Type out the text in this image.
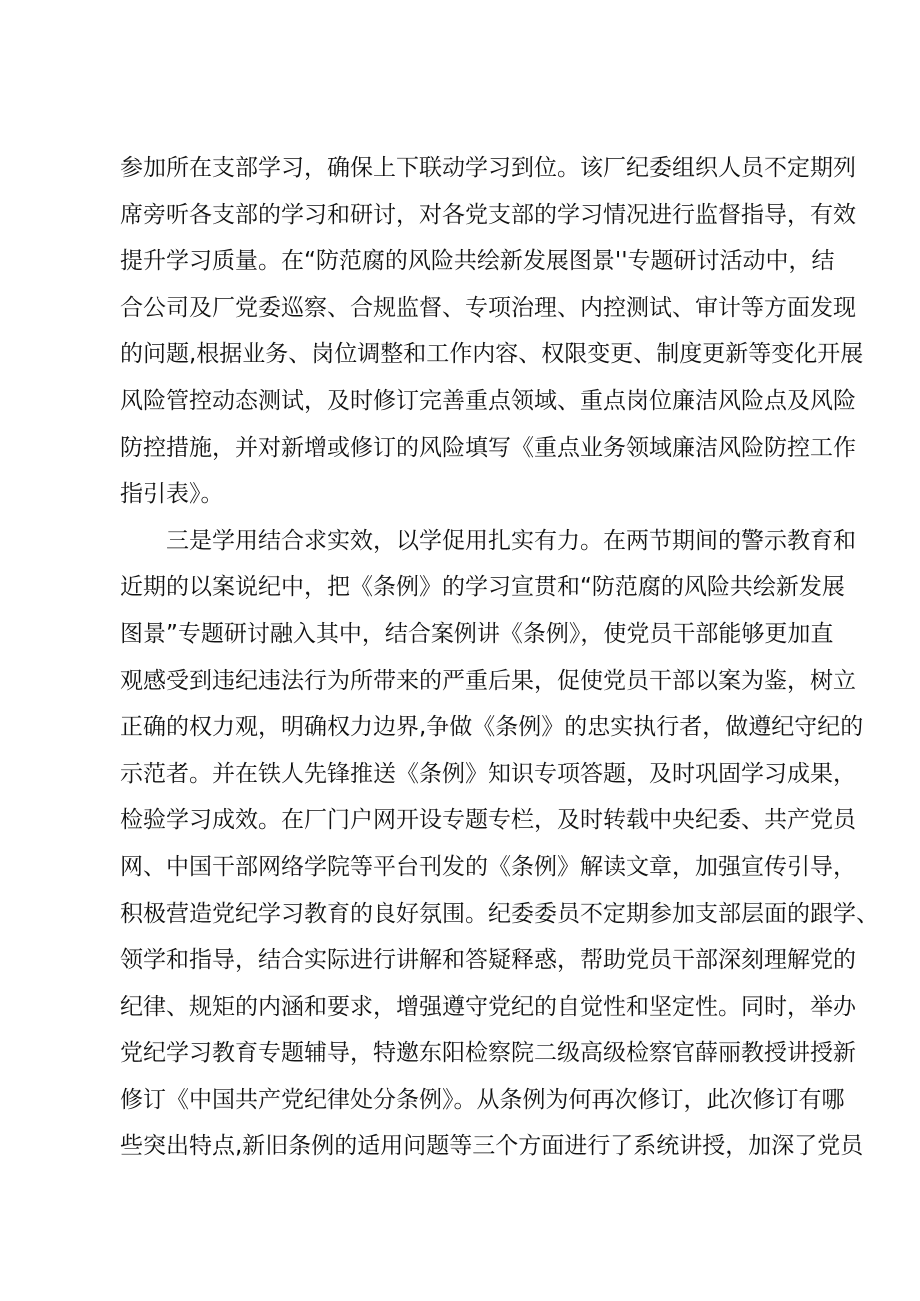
参加所在支部学习，确保上下联动学习到位。该厂纪委组织人员不定期列
席旁听各支部的学习和研讨，对各党支部的学习情况进行监督指导，有效
提升学习质量。在“防范腐的风险共绘新发展图景''专题研讨活动中，结
合公司及厂党委巡察、合规监督、专项治理、内控测试、审计等方面发现
的问题,根据业务、岗位调整和工作内容、权限变更、制度更新等变化开展
风险管控动态测试，及时修订完善重点领域、重点岗位廉洁风险点及风险
防控措施，并对新增或修订的风险填写《重点业务领域廉洁风险防控工作
指引表》。
三是学用结合求实效，以学促用扎实有力。在两节期间的警示教育和
近期的以案说纪中，把《条例》的学习宣贯和“防范腐的风险共绘新发展
图景”专题研讨融入其中，结合案例讲《条例》，使党员干部能够更加直
观感受到违纪违法行为所带来的严重后果，促使党员干部以案为鉴，树立
正确的权力观，明确权力边界,争做《条例》的忠实执行者，做遵纪守纪的
示范者。并在铁人先锋推送《条例》知识专项答题，及时巩固学习成果，
检验学习成效。在厂门户网开设专题专栏，及时转载中央纪委、共产党员
网、中国干部网络学院等平台刊发的《条例》解读文章，加强宣传引导，
积极营造党纪学习教育的良好氛围。纪委委员不定期参加支部层面的跟学、
领学和指导，结合实际进行讲解和答疑释惑，帮助党员干部深刻理解党的
纪律、规矩的内涵和要求，增强遵守党纪的自觉性和坚定性。同时，举办
党纪学习教育专题辅导，特邀东阳检察院二级高级检察官薛丽教授讲授新
修订《中国共产党纪律处分条例》。从条例为何再次修订，此次修订有哪
些突出特点,新旧条例的适用问题等三个方面进行了系统讲授，加深了党员
